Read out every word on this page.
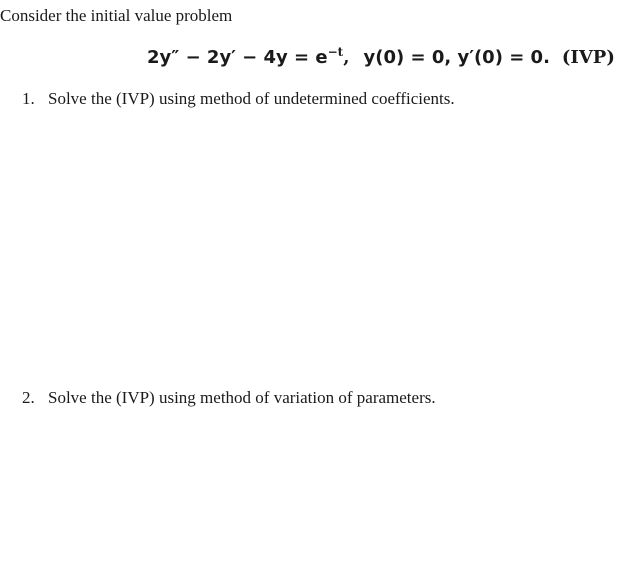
Consider the initial value problem
$2y'' - 2y' - 4y = e^{-t}$, y(0) = 0, y′(0) = 0. (IVP)
1. Solve the (IVP) using method of undetermined coefficients.
2. Solve the (IVP) using method of variation of parameters.
